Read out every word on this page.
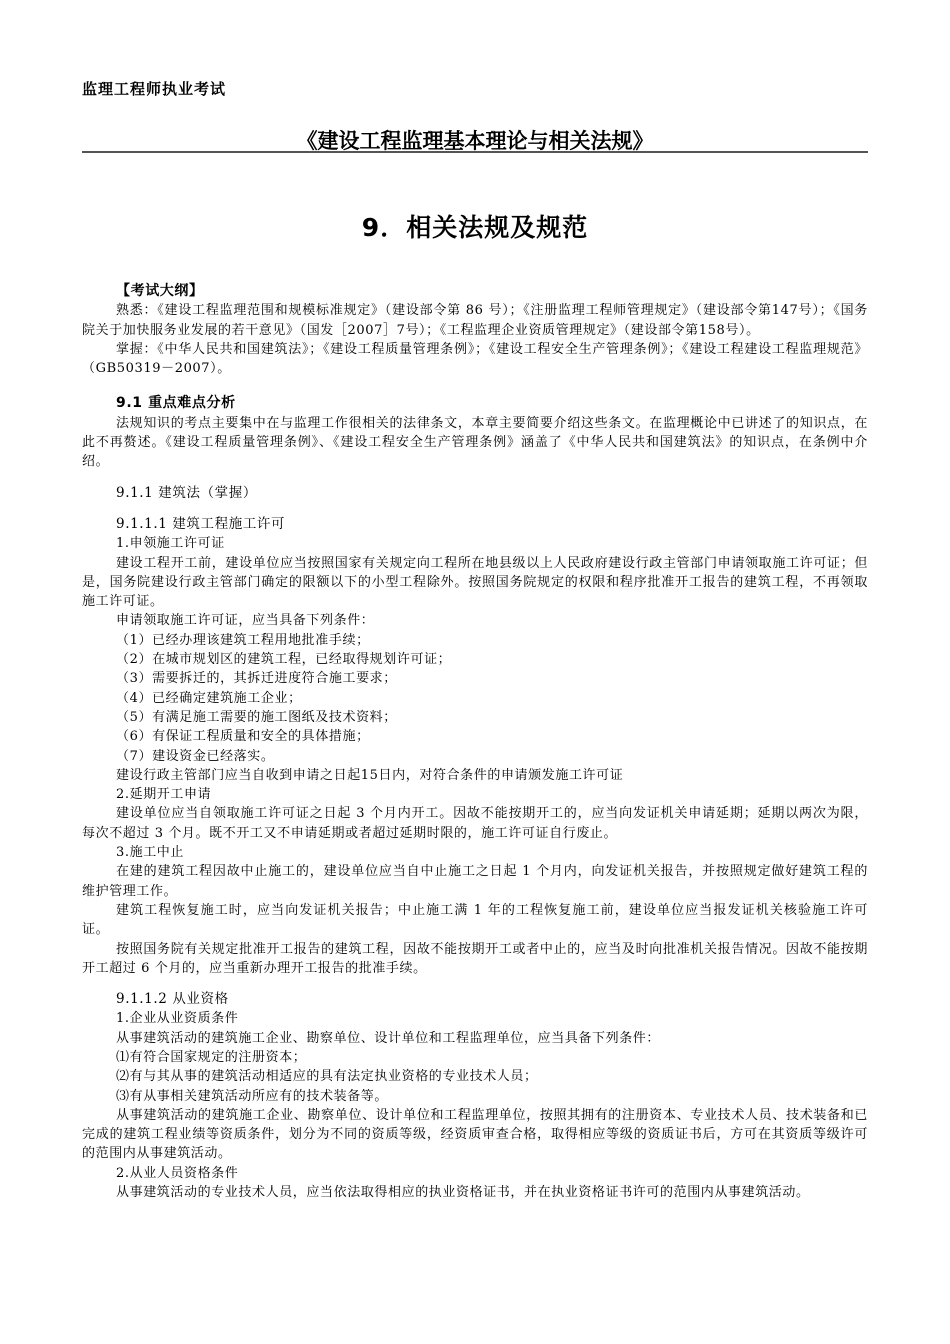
监理工程师执业考试
《建设工程监理基本理论与相关法规》
9．相关法规及规范

【考试大纲】

熟悉：《建设工程监理范围和规模标准规定》（建设部令第 86 号）；《注册监理工程师管理规定》（建设部令第147号）；《国务院关于加快服务业发展的若干意见》（国发［2007］7号）；《工程监理企业资质管理规定》（建设部令第158号）。

掌握：《中华人民共和国建筑法》；《建设工程质量管理条例》；《建设工程安全生产管理条例》；《建设工程建设工程监理规范》（GB50319－2007）。

9.1 重点难点分析

法规知识的考点主要集中在与监理工作很相关的法律条文，本章主要简要介绍这些条文。在监理概论中已讲述了的知识点，在此不再赘述。《建设工程质量管理条例》、《建设工程安全生产管理条例》涵盖了《中华人民共和国建筑法》的知识点，在条例中介绍。

9.1.1 建筑法（掌握）

9.1.1.1 建筑工程施工许可

1.申领施工许可证

建设工程开工前，建设单位应当按照国家有关规定向工程所在地县级以上人民政府建设行政主管部门申请领取施工许可证；但是，国务院建设行政主管部门确定的限额以下的小型工程除外。按照国务院规定的权限和程序批准开工报告的建筑工程，不再领取施工许可证。

申请领取施工许可证，应当具备下列条件：

（1）已经办理该建筑工程用地批准手续；

（2）在城市规划区的建筑工程，已经取得规划许可证；

（3）需要拆迁的，其拆迁进度符合施工要求；

（4）已经确定建筑施工企业；

（5）有满足施工需要的施工图纸及技术资料；

（6）有保证工程质量和安全的具体措施；

（7）建设资金已经落实。

建设行政主管部门应当自收到申请之日起15日内，对符合条件的申请颁发施工许可证

2.延期开工申请

建设单位应当自领取施工许可证之日起 3 个月内开工。因故不能按期开工的，应当向发证机关申请延期；延期以两次为限，每次不超过 3 个月。既不开工又不申请延期或者超过延期时限的，施工许可证自行废止。

3.施工中止

在建的建筑工程因故中止施工的，建设单位应当自中止施工之日起 1 个月内，向发证机关报告，并按照规定做好建筑工程的维护管理工作。

建筑工程恢复施工时，应当向发证机关报告；中止施工满 1 年的工程恢复施工前，建设单位应当报发证机关核验施工许可证。

按照国务院有关规定批准开工报告的建筑工程，因故不能按期开工或者中止的，应当及时向批准机关报告情况。因故不能按期开工超过 6 个月的，应当重新办理开工报告的批准手续。

9.1.1.2 从业资格

1.企业从业资质条件

从事建筑活动的建筑施工企业、勘察单位、设计单位和工程监理单位，应当具备下列条件：

⑴有符合国家规定的注册资本；

⑵有与其从事的建筑活动相适应的具有法定执业资格的专业技术人员；

⑶有从事相关建筑活动所应有的技术装备等。

从事建筑活动的建筑施工企业、勘察单位、设计单位和工程监理单位，按照其拥有的注册资本、专业技术人员、技术装备和已完成的建筑工程业绩等资质条件，划分为不同的资质等级，经资质审查合格，取得相应等级的资质证书后，方可在其资质等级许可的范围内从事建筑活动。

2.从业人员资格条件

从事建筑活动的专业技术人员，应当依法取得相应的执业资格证书，并在执业资格证书许可的范围内从事建筑活动。
